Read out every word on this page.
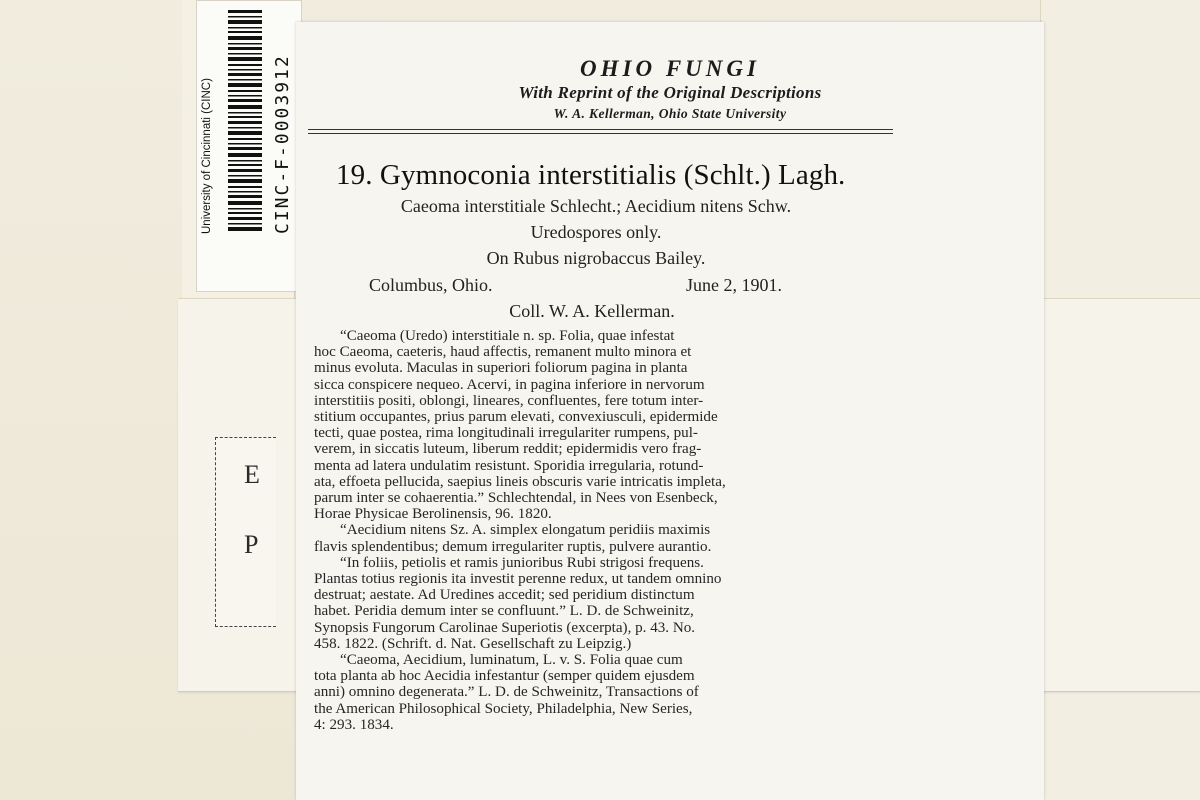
E
P
University of Cincinnati (CINC)	CINC-F-0003912	OHIO FUNGI
With Reprint of the Original Descriptions
W. A. Kellerman, Ohio State University
19. Gymnoconia interstitialis (Schlt.) Lagh.
Caeoma interstitiale Schlecht.; Aecidium nitens Schw.
Uredospores only.
On Rubus nigrobaccus Bailey.
Columbus, Ohio.	June 2, 1901.
Coll. W. A. Kellerman.
“Caeoma (Uredo) interstitiale n. sp. Folia, quae infestat
hoc Caeoma, caeteris, haud affectis, remanent multo minora et
minus evoluta. Maculas in superiori foliorum pagina in planta
sicca conspicere nequeo. Acervi, in pagina inferiore in nervorum
interstitiis positi, oblongi, lineares, confluentes, fere totum inter-
stitium occupantes, prius parum elevati, convexiusculi, epidermide
tecti, quae postea, rima longitudinali irregulariter rumpens, pul-
verem, in siccatis luteum, liberum reddit; epidermidis vero frag-
menta ad latera undulatim resistunt. Sporidia irregularia, rotund-
ata, effoeta pellucida, saepius lineis obscuris varie intricatis impleta,
parum inter se cohaerentia.” Schlechtendal, in Nees von Esenbeck,
Horae Physicae Berolinensis, 96. 1820.
“Aecidium nitens Sz. A. simplex elongatum peridiis maximis
flavis splendentibus; demum irregulariter ruptis, pulvere aurantio.
“In foliis, petiolis et ramis junioribus Rubi strigosi frequens.
Plantas totius regionis ita investit perenne redux, ut tandem omnino
destruat; aestate. Ad Uredines accedit; sed peridium distinctum
habet. Peridia demum inter se confluunt.” L. D. de Schweinitz,
Synopsis Fungorum Carolinae Superiotis (excerpta), p. 43. No.
458. 1822. (Schrift. d. Nat. Gesellschaft zu Leipzig.)
“Caeoma, Aecidium, luminatum, L. v. S. Folia quae cum
tota planta ab hoc Aecidia infestantur (semper quidem ejusdem
anni) omnino degenerata.” L. D. de Schweinitz, Transactions of
the American Philosophical Society, Philadelphia, New Series,
4: 293. 1834.
